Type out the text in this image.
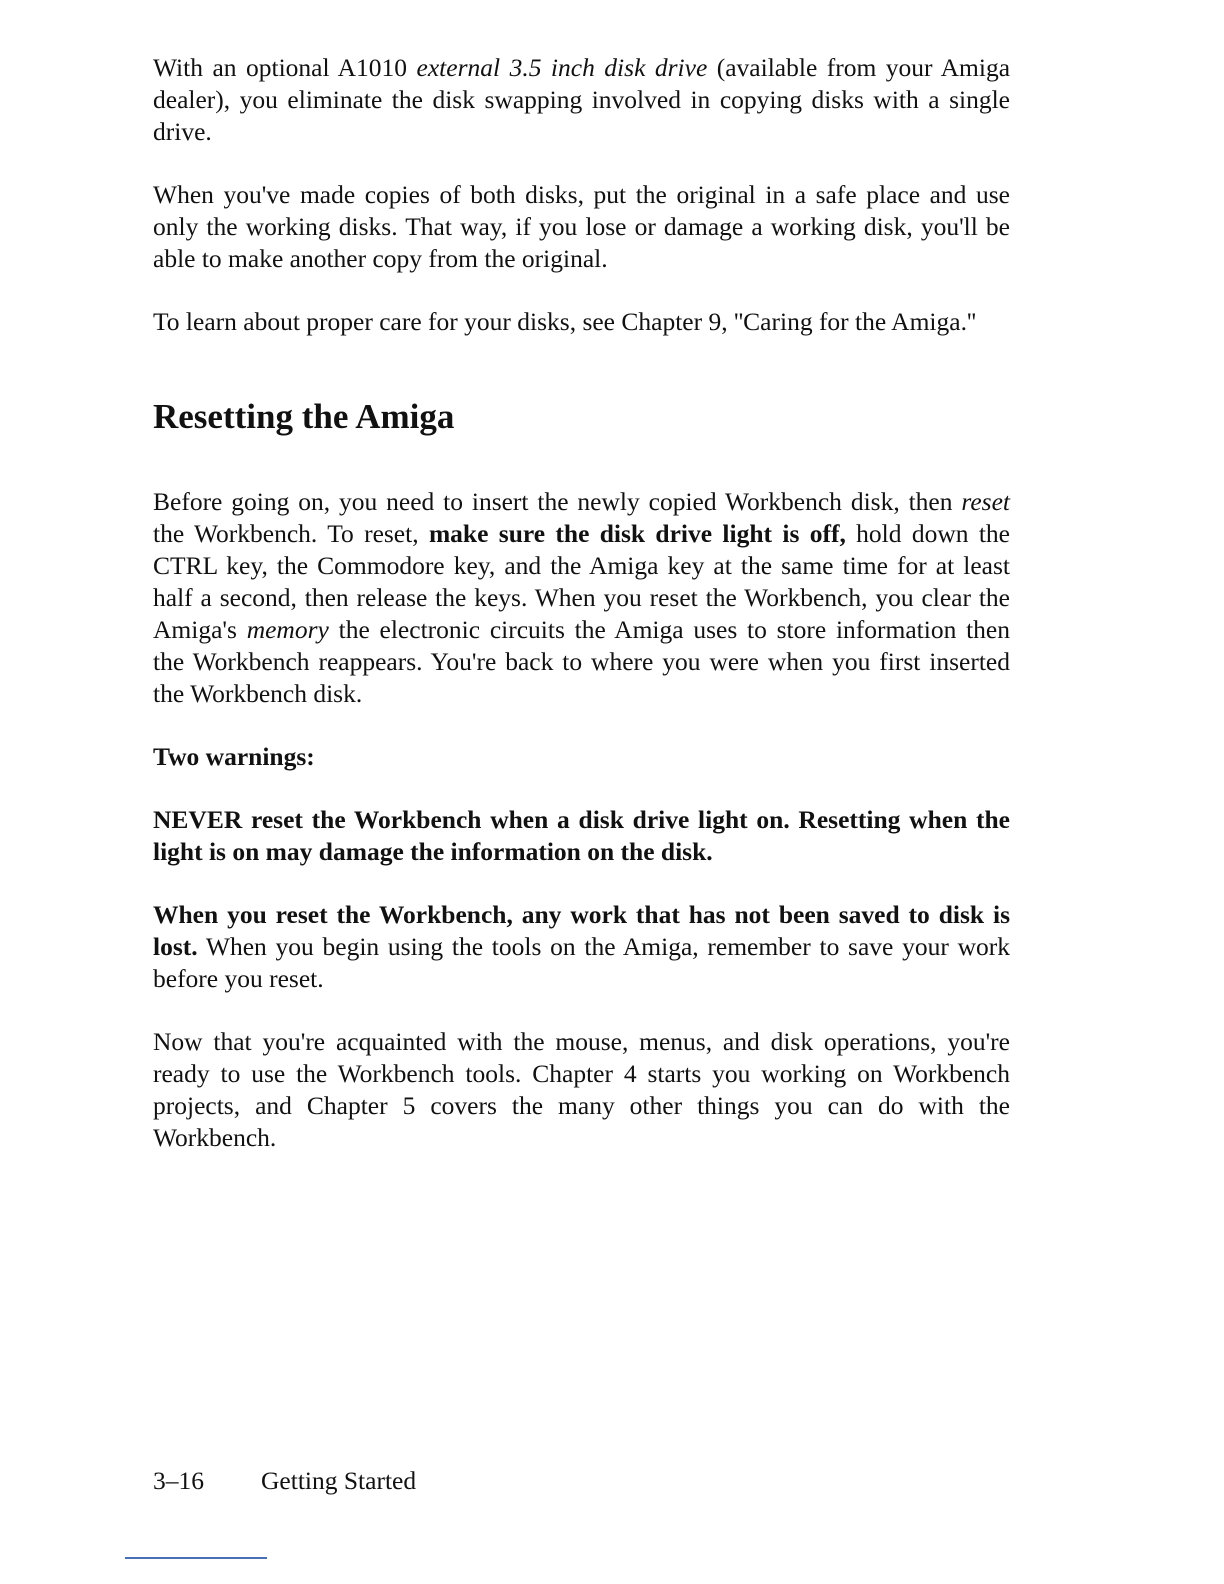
With an optional A1010 external 3.5 inch disk drive (available from your Amiga dealer), you eliminate the disk swapping involved in copying disks with a single drive.

When you've made copies of both disks, put the original in a safe place and use only the working disks. That way, if you lose or damage a working disk, you'll be able to make another copy from the original.

To learn about proper care for your disks, see Chapter 9, ''Caring for the Amiga.''

Resetting the Amiga

Before going on, you need to insert the newly copied Workbench disk, then reset the Workbench. To reset, make sure the disk drive light is off, hold down the CTRL key, the Commodore key, and the Amiga key at the same time for at least half a second, then release the keys. When you reset the Workbench, you clear the Amiga's memory the electronic circuits the Amiga uses to store information then the Workbench reappears. You're back to where you were when you first inserted the Workbench disk.

Two warnings:

NEVER reset the Workbench when a disk drive light on. Resetting when the light is on may damage the information on the disk.

When you reset the Workbench, any work that has not been saved to disk is lost. When you begin using the tools on the Amiga, remember to save your work before you reset.

Now that you're acquainted with the mouse, menus, and disk operations, you're ready to use the Workbench tools. Chapter 4 starts you working on Workbench projects, and Chapter 5 covers the many other things you can do with the Workbench.

3–16 Getting Started
